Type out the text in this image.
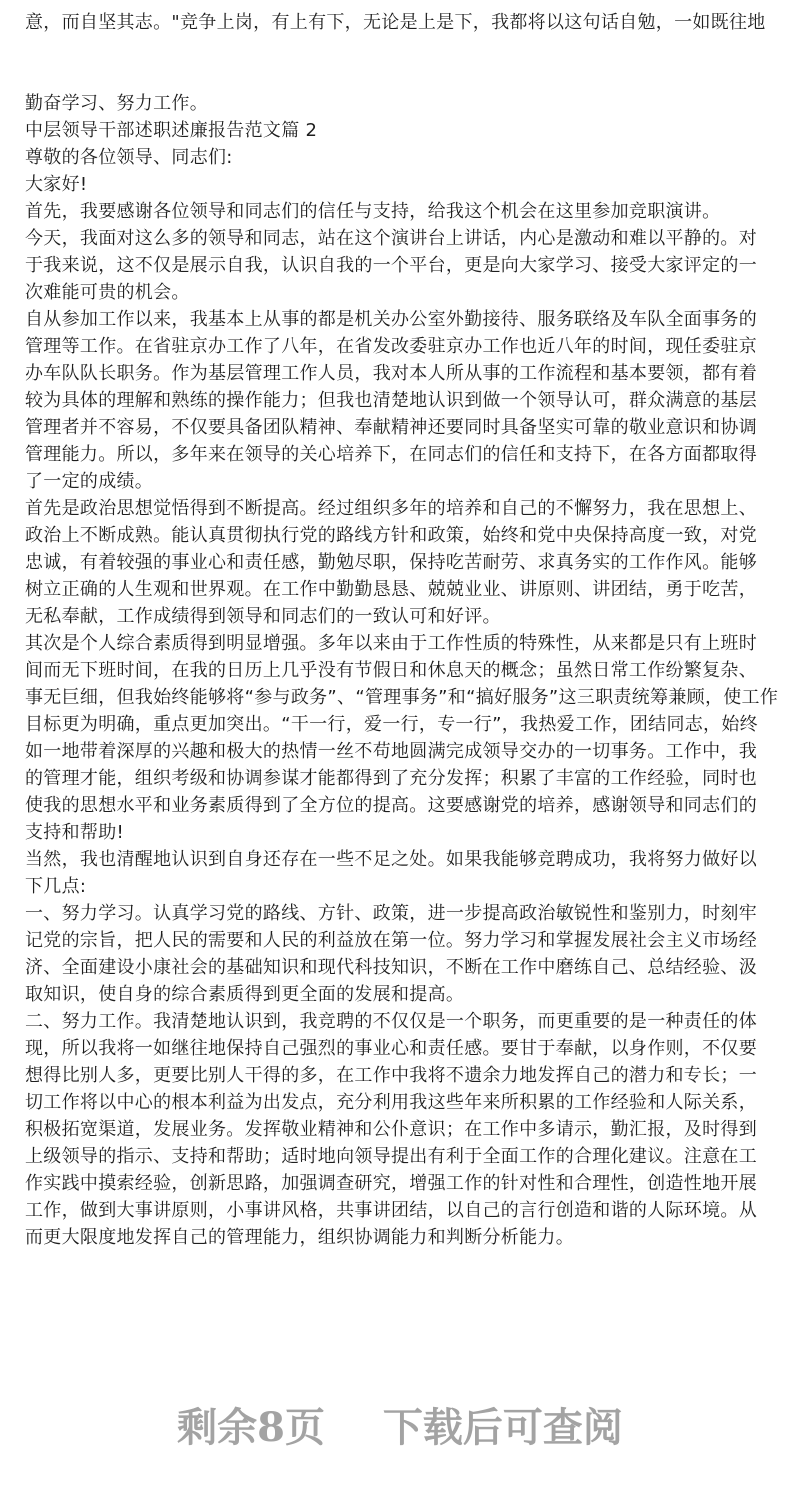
意，而自坚其志。"竞争上岗，有上有下，无论是上是下，我都将以这句话自勉，一如既往地
勤奋学习、努力工作。
中层领导干部述职述廉报告范文篇 2
尊敬的各位领导、同志们:
大家好!
首先，我要感谢各位领导和同志们的信任与支持，给我这个机会在这里参加竞职演讲。
今天，我面对这么多的领导和同志，站在这个演讲台上讲话，内心是激动和难以平静的。对
于我来说，这不仅是展示自我，认识自我的一个平台，更是向大家学习、接受大家评定的一
次难能可贵的机会。
自从参加工作以来，我基本上从事的都是机关办公室外勤接待、服务联络及车队全面事务的
管理等工作。在省驻京办工作了八年，在省发改委驻京办工作也近八年的时间，现任委驻京
办车队队长职务。作为基层管理工作人员，我对本人所从事的工作流程和基本要领，都有着
较为具体的理解和熟练的操作能力；但我也清楚地认识到做一个领导认可，群众满意的基层
管理者并不容易，不仅要具备团队精神、奉献精神还要同时具备坚实可靠的敬业意识和协调
管理能力。所以，多年来在领导的关心培养下，在同志们的信任和支持下，在各方面都取得
了一定的成绩。
首先是政治思想觉悟得到不断提高。经过组织多年的培养和自己的不懈努力，我在思想上、
政治上不断成熟。能认真贯彻执行党的路线方针和政策，始终和党中央保持高度一致，对党
忠诚，有着较强的事业心和责任感，勤勉尽职，保持吃苦耐劳、求真务实的工作作风。能够
树立正确的人生观和世界观。在工作中勤勤恳恳、兢兢业业、讲原则、讲团结，勇于吃苦，
无私奉献，工作成绩得到领导和同志们的一致认可和好评。
其次是个人综合素质得到明显增强。多年以来由于工作性质的特殊性，从来都是只有上班时
间而无下班时间，在我的日历上几乎没有节假日和休息天的概念；虽然日常工作纷繁复杂、
事无巨细，但我始终能够将“参与政务”、“管理事务”和“搞好服务”这三职责统筹兼顾，使工作
目标更为明确，重点更加突出。“干一行，爱一行，专一行”，我热爱工作，团结同志，始终
如一地带着深厚的兴趣和极大的热情一丝不苟地圆满完成领导交办的一切事务。工作中，我
的管理才能，组织考级和协调参谋才能都得到了充分发挥；积累了丰富的工作经验，同时也
使我的思想水平和业务素质得到了全方位的提高。这要感谢党的培养，感谢领导和同志们的
支持和帮助!
当然，我也清醒地认识到自身还存在一些不足之处。如果我能够竞聘成功，我将努力做好以
下几点:
一、努力学习。认真学习党的路线、方针、政策，进一步提高政治敏锐性和鉴别力，时刻牢
记党的宗旨，把人民的需要和人民的利益放在第一位。努力学习和掌握发展社会主义市场经
济、全面建设小康社会的基础知识和现代科技知识，不断在工作中磨练自己、总结经验、汲
取知识，使自身的综合素质得到更全面的发展和提高。
二、努力工作。我清楚地认识到，我竞聘的不仅仅是一个职务，而更重要的是一种责任的体
现，所以我将一如继往地保持自己强烈的事业心和责任感。要甘于奉献，以身作则，不仅要
想得比别人多，更要比别人干得的多，在工作中我将不遗余力地发挥自己的潜力和专长；一
切工作将以中心的根本利益为出发点，充分利用我这些年来所积累的工作经验和人际关系，
积极拓宽渠道，发展业务。发挥敬业精神和公仆意识；在工作中多请示，勤汇报，及时得到
上级领导的指示、支持和帮助；适时地向领导提出有利于全面工作的合理化建议。注意在工
作实践中摸索经验，创新思路，加强调查研究，增强工作的针对性和合理性，创造性地开展
工作，做到大事讲原则，小事讲风格，共事讲团结，以自己的言行创造和谐的人际环境。从
而更大限度地发挥自己的管理能力，组织协调能力和判断分析能力。
剩余8页 下载后可查阅
